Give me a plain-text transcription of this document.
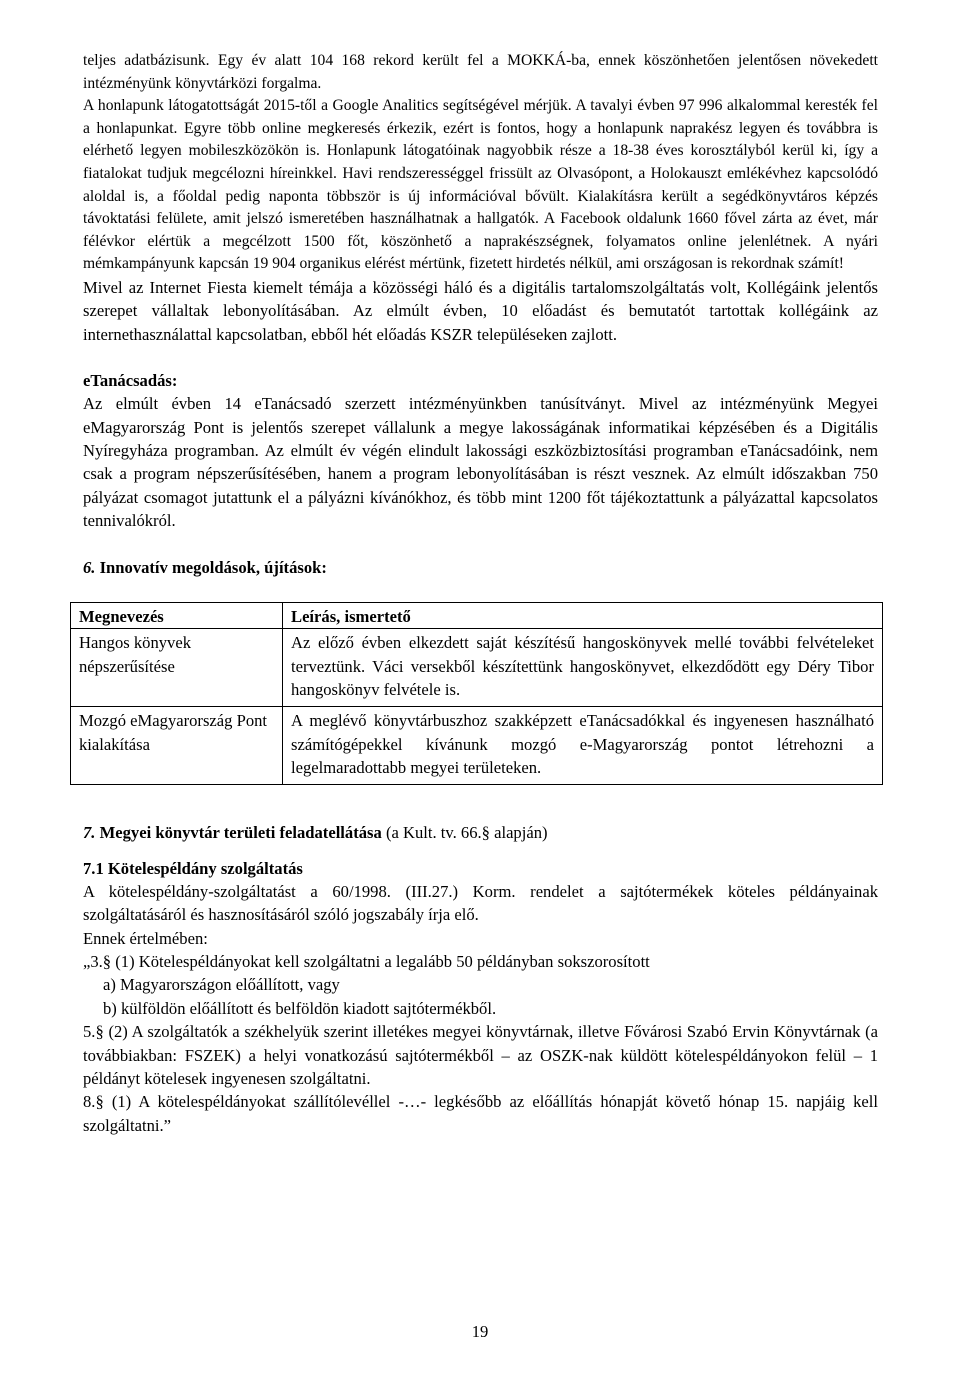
teljes adatbázisunk. Egy év alatt 104 168 rekord került fel a MOKKÁ-ba, ennek köszönhetően jelentősen növekedett intézményünk könyvtárközi forgalma.

A honlapunk látogatottságát 2015-től a Google Analitics segítségével mérjük. A tavalyi évben 97 996 alkalommal keresték fel a honlapunkat. Egyre több online megkeresés érkezik, ezért is fontos, hogy a honlapunk naprakész legyen és továbbra is elérhető legyen mobileszközökön is. Honlapunk látogatóinak nagyobbik része a 18-38 éves korosztályból kerül ki, így a fiatalokat tudjuk megcélozni híreinkkel. Havi rendszerességgel frissült az Olvasópont, a Holokauszt emlékévhez kapcsolódó aloldal is, a főoldal pedig naponta többször is új információval bővült. Kialakításra került a segédkönyvtáros képzés távoktatási felülete, amit jelszó ismeretében használhatnak a hallgatók. A Facebook oldalunk 1660 fővel zárta az évet, már félévkor elértük a megcélzott 1500 főt, köszönhető a naprakészségnek, folyamatos online jelenlétnek. A nyári mémkampányunk kapcsán 19 904 organikus elérést mértünk, fizetett hirdetés nélkül, ami országosan is rekordnak számít!

Mivel az Internet Fiesta kiemelt témája a közösségi háló és a digitális tartalomszolgáltatás volt, Kollégáink jelentős szerepet vállaltak lebonyolításában. Az elmúlt évben, 10 előadást és bemutatót tartottak kollégáink az internethasználattal kapcsolatban, ebből hét előadás KSZR településeken zajlott.

eTanácsadás:

Az elmúlt évben 14 eTanácsadó szerzett intézményünkben tanúsítványt. Mivel az intézményünk Megyei eMagyarország Pont is jelentős szerepet vállalunk a megye lakosságának informatikai képzésében és a Digitális Nyíregyháza programban. Az elmúlt év végén elindult lakossági eszközbiztosítási programban eTanácsadóink, nem csak a program népszerűsítésében, hanem a program lebonyolításában is részt vesznek. Az elmúlt időszakban 750 pályázat csomagot jutattunk el a pályázni kívánókhoz, és több mint 1200 főt tájékoztattunk a pályázattal kapcsolatos tennivalókról.

6. Innovatív megoldások, újítások:

Megnevezés	Leírás, ismertető
Hangos könyvek népszerűsítése	Az előző évben elkezdett saját készítésű hangoskönyvek mellé további felvételeket terveztünk. Váci versekből készítettünk hangoskönyvet, elkezdődött egy Déry Tibor hangoskönyv felvétele is.
Mozgó eMagyarország Pont kialakítása	A meglévő könyvtárbuszhoz szakképzett eTanácsadókkal és ingyenesen használható számítógépekkel kívánunk mozgó e-Magyarország pontot létrehozni a legelmaradottabb megyei területeken.

7. Megyei könyvtár területi feladatellátása (a Kult. tv. 66.§ alapján)

7.1 Kötelespéldány szolgáltatás

A kötelespéldány-szolgáltatást a 60/1998. (III.27.) Korm. rendelet a sajtótermékek köteles példányainak szolgáltatásáról és hasznosításáról szóló jogszabály írja elő.

Ennek értelmében:

„3.§ (1) Kötelespéldányokat kell szolgáltatni a legalább 50 példányban sokszorosított

a) Magyarországon előállított, vagy

b) külföldön előállított és belföldön kiadott sajtótermékből.

5.§ (2) A szolgáltatók a székhelyük szerint illetékes megyei könyvtárnak, illetve Fővárosi Szabó Ervin Könyvtárnak (a továbbiakban: FSZEK) a helyi vonatkozású sajtótermékből – az OSZK-nak küldött kötelespéldányokon felül – 1 példányt kötelesek ingyenesen szolgáltatni.

8.§ (1) A kötelespéldányokat szállítólevéllel -…- legkésőbb az előállítás hónapját követő hónap 15. napjáig kell szolgáltatni.”

19
